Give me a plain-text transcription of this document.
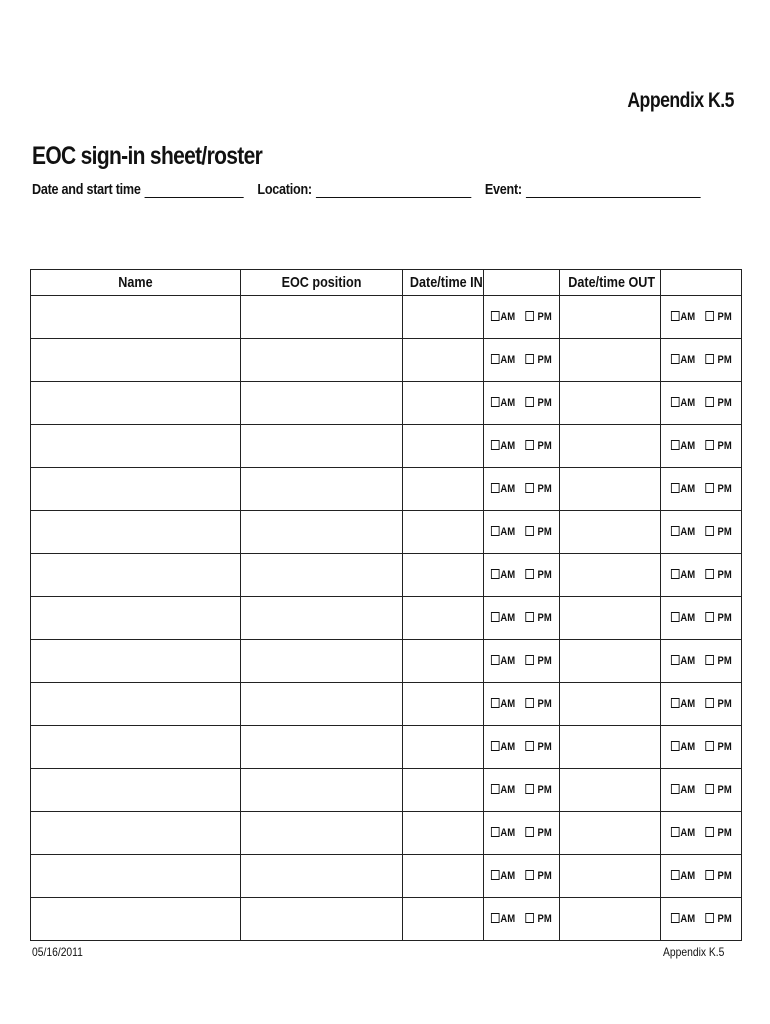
Appendix K.5
EOC sign-in sheet/roster
Date and start time	Location:	Event:
Name	EOC position	Date/time IN		Date/time OUT	
			AM PM		AM PM
			AM PM		AM PM
			AM PM		AM PM
			AM PM		AM PM
			AM PM		AM PM
			AM PM		AM PM
			AM PM		AM PM
			AM PM		AM PM
			AM PM		AM PM
			AM PM		AM PM
			AM PM		AM PM
			AM PM		AM PM
			AM PM		AM PM
			AM PM		AM PM
			AM PM		AM PM
05/16/2011	Appendix K.5
